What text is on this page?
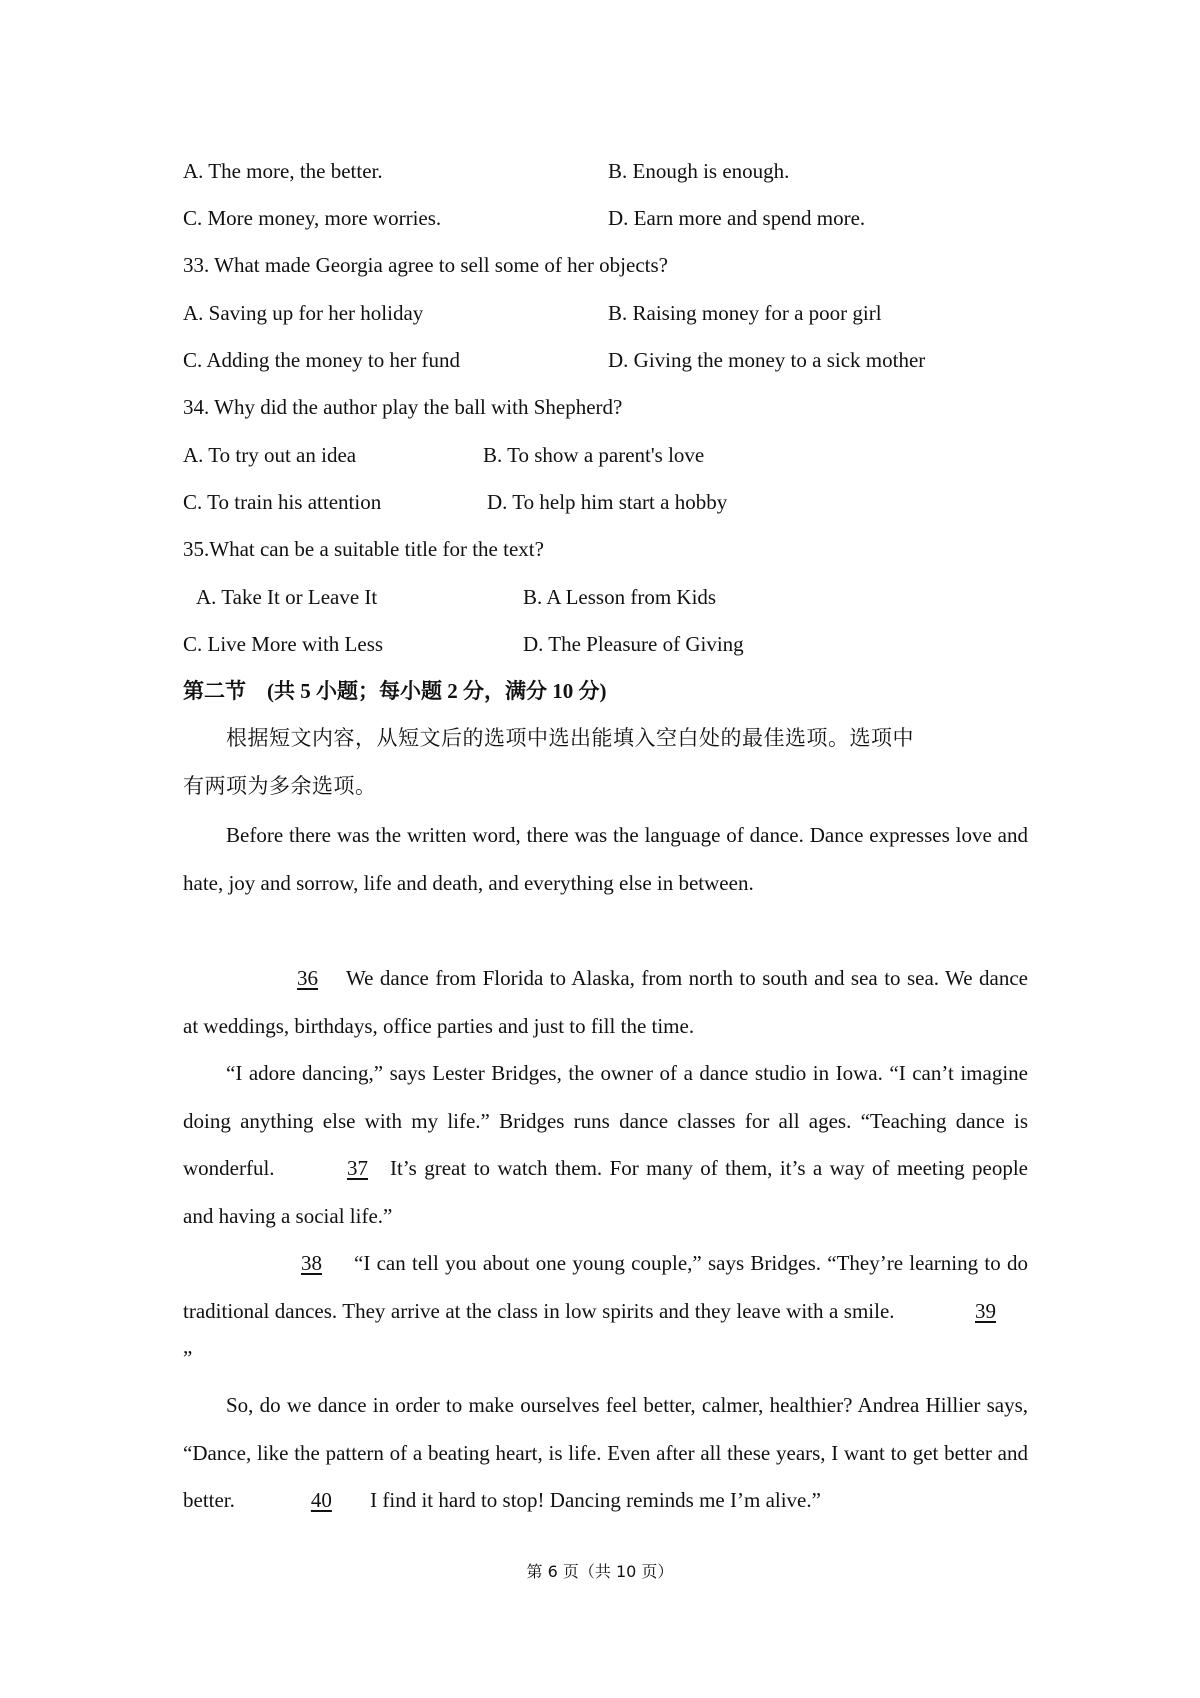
A. The more, the better.	B. Enough is enough.
C. More money, more worries.	D. Earn more and spend more.
33. What made Georgia agree to sell some of her objects?
A. Saving up for her holiday	B. Raising money for a poor girl
C. Adding the money to her fund	D. Giving the money to a sick mother
34. Why did the author play the ball with Shepherd?
A. To try out an idea	B. To show a parent's love
C. To train his attention	D. To help him start a hobby
35.What can be a suitable title for the text?
A. Take It or Leave It	B. A Lesson from Kids
C. Live More with Less	D. The Pleasure of Giving
第二节　(共 5 小题；每小题 2 分，满分 10 分)
根据短文内容，从短文后的选项中选出能填入空白处的最佳选项。选项中
有两项为多余选项。
Before there was the written word, there was the language of dance. Dance expresses love and hate, joy and sorrow, life and death, and everything else in between.
36 We dance from Florida to Alaska, from north to south and sea to sea. We dance at weddings, birthdays, office parties and just to fill the time.
“I adore dancing,” says Lester Bridges, the owner of a dance studio in Iowa. “I can’t imagine doing anything else with my life.” Bridges runs dance classes for all ages. “Teaching dance is wonderful.	37 It’s great to watch them. For many of them, it’s a way of meeting people and having a social life.”
38 “I can tell you about one young couple,” says Bridges. “They’re learning to do traditional dances. They arrive at the class in low spirits and they leave with a smile.	39”
So, do we dance in order to make ourselves feel better, calmer, healthier? Andrea Hillier says, “Dance, like the pattern of a beating heart, is life. Even after all these years, I want to get better and better.	40 I find it hard to stop! Dancing reminds me I’m alive.”
第 6 页（共 10 页）
